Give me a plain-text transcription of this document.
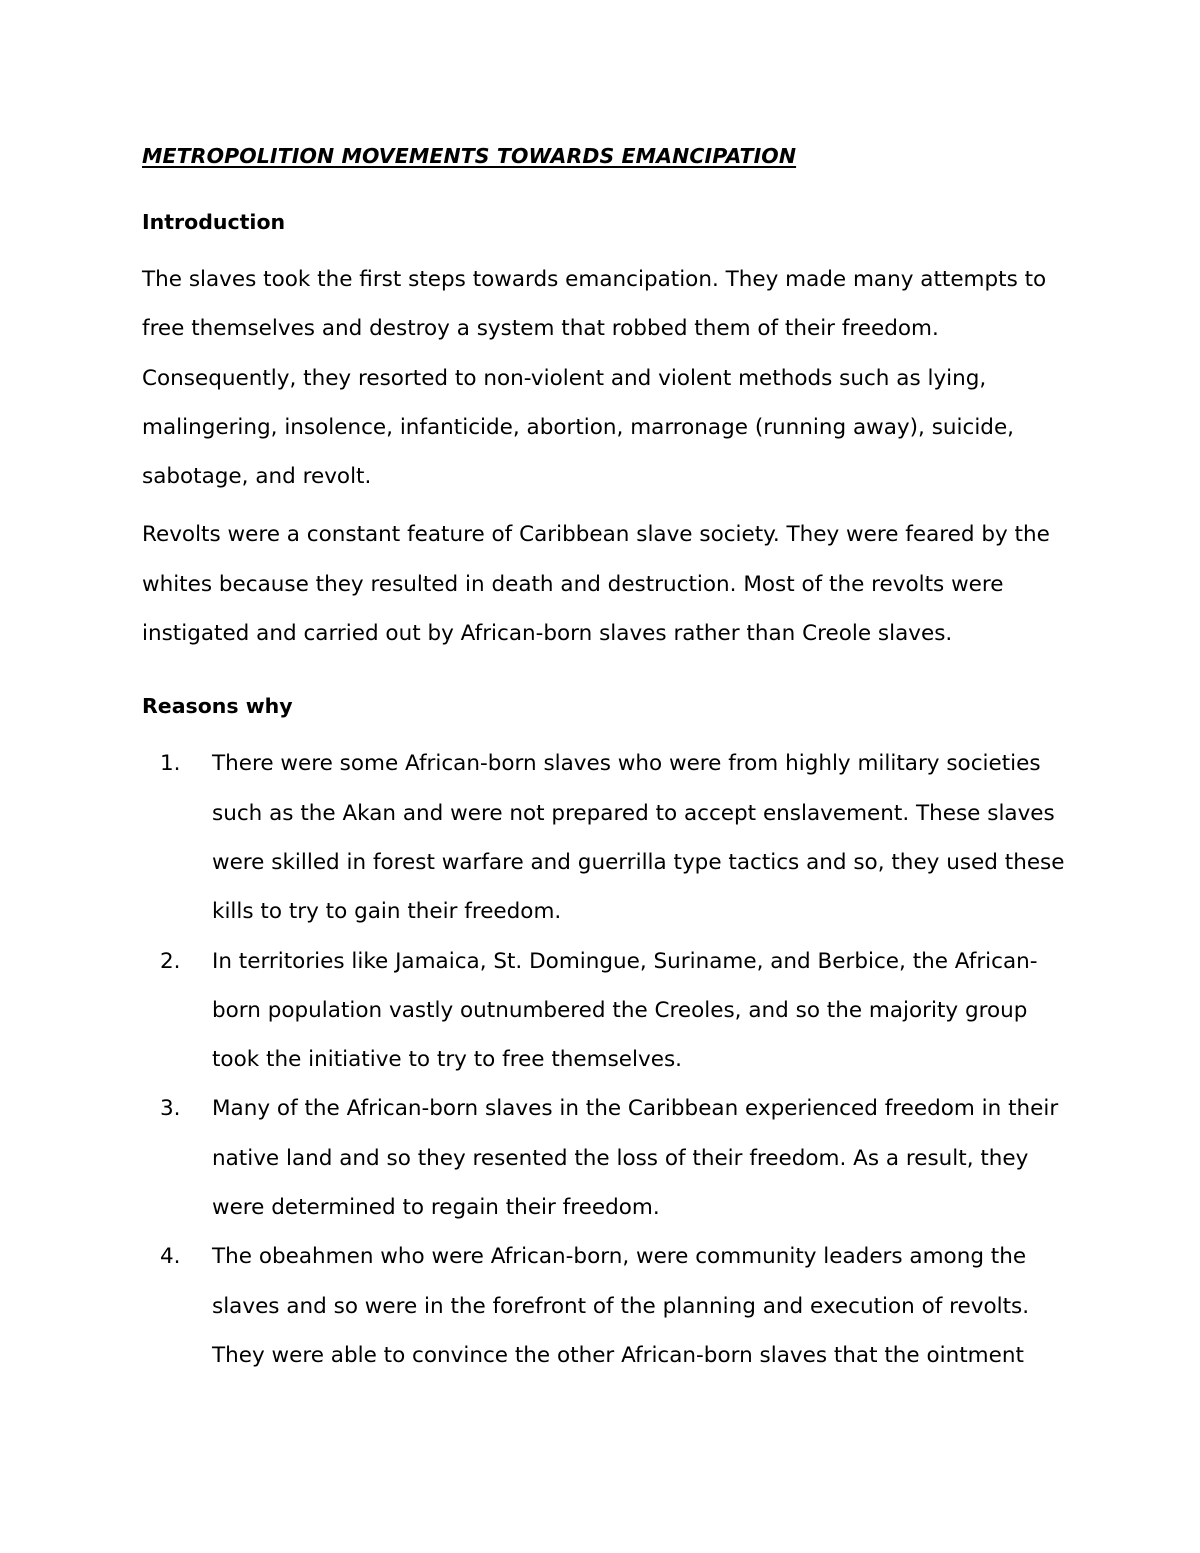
METROPOLITION MOVEMENTS TOWARDS EMANCIPATION
Introduction

The slaves took the first steps towards emancipation. They made many attempts to free themselves and destroy a system that robbed them of their freedom. Consequently, they resorted to non-violent and violent methods such as lying, malingering, insolence, infanticide, abortion, marronage (running away), suicide, sabotage, and revolt.

Revolts were a constant feature of Caribbean slave society. They were feared by the whites because they resulted in death and destruction. Most of the revolts were instigated and carried out by African-born slaves rather than Creole slaves.

Reasons why
1. There were some African-born slaves who were from highly military societies such as the Akan and were not prepared to accept enslavement. These slaves were skilled in forest warfare and guerrilla type tactics and so, they used these kills to try to gain their freedom.
2. In territories like Jamaica, St. Domingue, Suriname, and Berbice, the African-born population vastly outnumbered the Creoles, and so the majority group took the initiative to try to free themselves.
3. Many of the African-born slaves in the Caribbean experienced freedom in their native land and so they resented the loss of their freedom. As a result, they were determined to regain their freedom.
4. The obeahmen who were African-born, were community leaders among the slaves and so were in the forefront of the planning and execution of revolts. They were able to convince the other African-born slaves that the ointment
